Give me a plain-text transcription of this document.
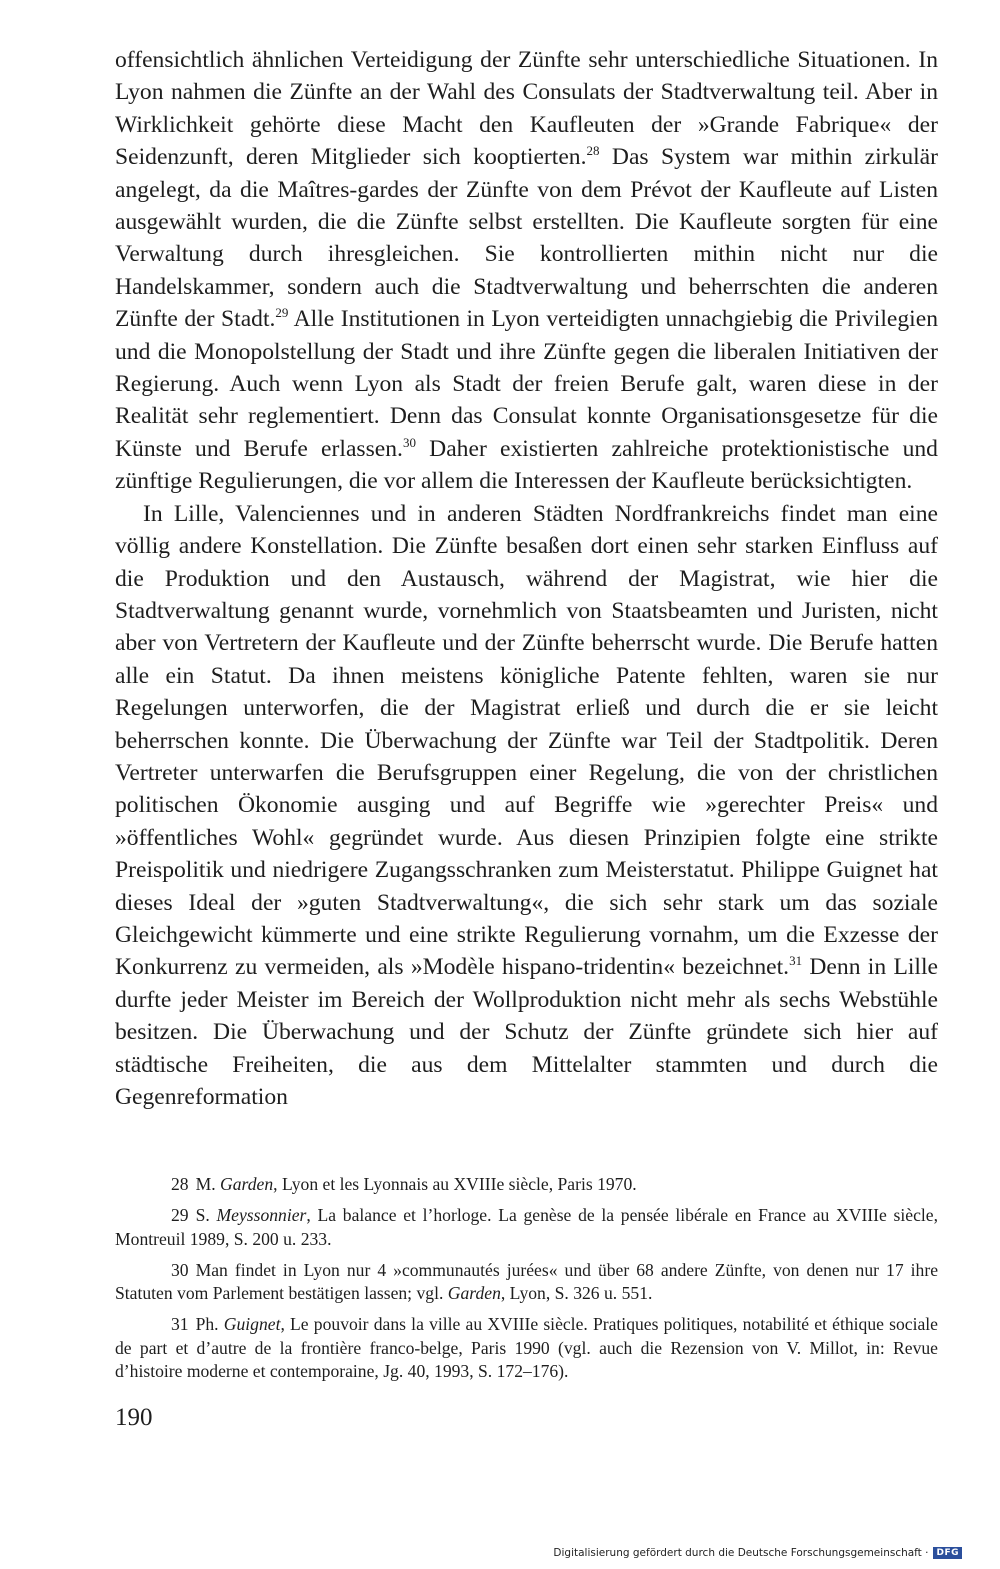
offensichtlich ähnlichen Verteidigung der Zünfte sehr unterschiedliche Situationen. In Lyon nahmen die Zünfte an der Wahl des Consulats der Stadtverwaltung teil. Aber in Wirklichkeit gehörte diese Macht den Kaufleuten der »Grande Fabrique« der Seidenzunft, deren Mitglieder sich kooptierten.$^{28}$ Das System war mithin zirkulär angelegt, da die Maîtres-gardes der Zünfte von dem Prévot der Kaufleute auf Listen ausgewählt wurden, die die Zünfte selbst erstellten. Die Kaufleute sorgten für eine Verwaltung durch ihresgleichen. Sie kontrollierten mithin nicht nur die Handelskammer, sondern auch die Stadtverwaltung und beherrschten die anderen Zünfte der Stadt.$^{29}$ Alle Institutionen in Lyon verteidigten unnachgiebig die Privilegien und die Monopolstellung der Stadt und ihre Zünfte gegen die liberalen Initiativen der Regierung. Auch wenn Lyon als Stadt der freien Berufe galt, waren diese in der Realität sehr reglementiert. Denn das Consulat konnte Organisationsgesetze für die Künste und Berufe erlassen.$^{30}$ Daher existierten zahlreiche protektionistische und zünftige Regulierungen, die vor allem die Interessen der Kaufleute berücksichtigten.

In Lille, Valenciennes und in anderen Städten Nordfrankreichs findet man eine völlig andere Konstellation. Die Zünfte besaßen dort einen sehr starken Einfluss auf die Produktion und den Austausch, während der Magistrat, wie hier die Stadtverwaltung genannt wurde, vornehmlich von Staatsbeamten und Juristen, nicht aber von Vertretern der Kaufleute und der Zünfte beherrscht wurde. Die Berufe hatten alle ein Statut. Da ihnen meistens königliche Patente fehlten, waren sie nur Regelungen unterworfen, die der Magistrat erließ und durch die er sie leicht beherrschen konnte. Die Überwachung der Zünfte war Teil der Stadtpolitik. Deren Vertreter unterwarfen die Berufsgruppen einer Regelung, die von der christlichen politischen Ökonomie ausging und auf Begriffe wie »gerechter Preis« und »öffentliches Wohl« gegründet wurde. Aus diesen Prinzipien folgte eine strikte Preispolitik und niedrigere Zugangsschranken zum Meisterstatut. Philippe Guignet hat dieses Ideal der »guten Stadtverwaltung«, die sich sehr stark um das soziale Gleichgewicht kümmerte und eine strikte Regulierung vornahm, um die Exzesse der Konkurrenz zu vermeiden, als »Modèle hispano-tridentin« bezeichnet.$^{31}$ Denn in Lille durfte jeder Meister im Bereich der Wollproduktion nicht mehr als sechs Webstühle besitzen. Die Überwachung und der Schutz der Zünfte gründete sich hier auf städtische Freiheiten, die aus dem Mittelalter stammten und durch die Gegenreformation

28 M. Garden, Lyon et les Lyonnais au XVIIIe siècle, Paris 1970.

29 S. Meyssonnier, La balance et l’horloge. La genèse de la pensée libérale en France au XVIIIe siècle, Montreuil 1989, S. 200 u. 233.

30 Man findet in Lyon nur 4 »communautés jurées« und über 68 andere Zünfte, von denen nur 17 ihre Statuten vom Parlement bestätigen lassen; vgl. Garden, Lyon, S. 326 u. 551.

31 Ph. Guignet, Le pouvoir dans la ville au XVIIIe siècle. Pratiques politiques, notabilité et éthique sociale de part et d’autre de la frontière franco-belge, Paris 1990 (vgl. auch die Rezension von V. Millot, in: Revue d’histoire moderne et contemporaine, Jg. 40, 1993, S. 172–176).

190
Digitalisierung gefördert durch die Deutsche Forschungsgemeinschaft · DFG
